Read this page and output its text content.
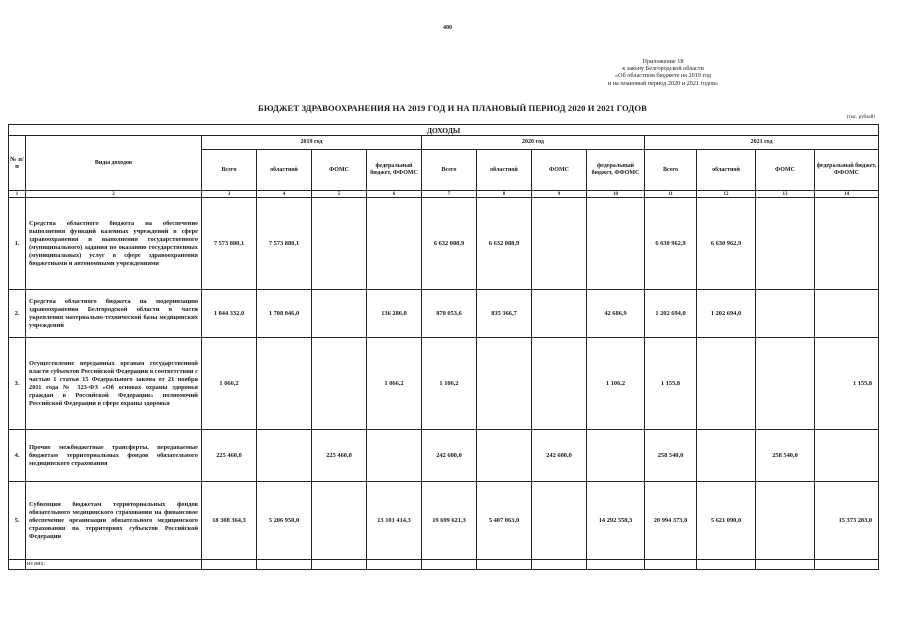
400
Приложение 18
к закону Белгородской области
«Об областном бюджете на 2019 год
и на плановый период 2020 и 2021 годов»
БЮДЖЕТ ЗДРАВООХРАНЕНИЯ НА 2019 ГОД И НА ПЛАНОВЫЙ ПЕРИОД 2020 И 2021 ГОДОВ
(тыс. рублей)
ДОХОДЫ													
№ п/п	Виды доходов	2019 год				2020 год				2021 год			
		Всего	областной	ФОМС	федеральный бюджет, ФФОМС	Всего	областной	ФОМС	федеральный бюджет, ФФОМС	Всего	областной	ФОМС	федеральный бюджет, ФФОМС
1	2	3	4	5	6	7	8	9	10	11	12	13	14
1.	Средства областного бюджета на обеспечение выполнения функций казенных учреждений в сфере здравоохранения и выполнения государственного (муниципального) задания по оказанию государственных (муниципальных) услуг в сфере здравоохранения бюджетными и автономными учреждениями	7 573 880,1	7 573 880,1			6 632 088,9	6 632 088,9			6 630 962,9	6 630 962,9		
2.	Средства областного бюджета на модернизацию здравоохранения Белгородской области в части укрепления материально-технической базы медицинских учреждений	1 844 332,0	1 708 046,0		136 286,0	878 053,6	835 366,7		42 686,9	1 202 694,0	1 202 694,0		
3.	Осуществление переданных органам государственной власти субъектов Российской Федерации в соответствии с частью 1 статьи 15 Федерального закона от 21 ноября 2011 года № 323-ФЗ «Об основах охраны здоровья граждан в Российской Федерации» полномочий Российской Федерации в сфере охраны здоровья	1 066,2			1 066,2	1 106,2			1 106,2	1 155,8			1 155,8
4.	Прочие межбюджетные трансферты, передаваемые бюджетам территориальных фондов обязательного медицинского страхования	225 460,0		225 460,0		242 600,0		242 600,0		258 540,0		258 540,0	
5.	Субвенции бюджетам территориальных фондов обязательного медицинского страхования на финансовое обеспечение организации обязательного медицинского страхования на территориях субъектов Российской Федерации	18 308 364,3	5 206 950,0		13 101 414,3	19 699 621,3	5 407 063,0		14 292 558,3	20 994 373,0	5 621 090,0		15 373 283,0
	из них:												
